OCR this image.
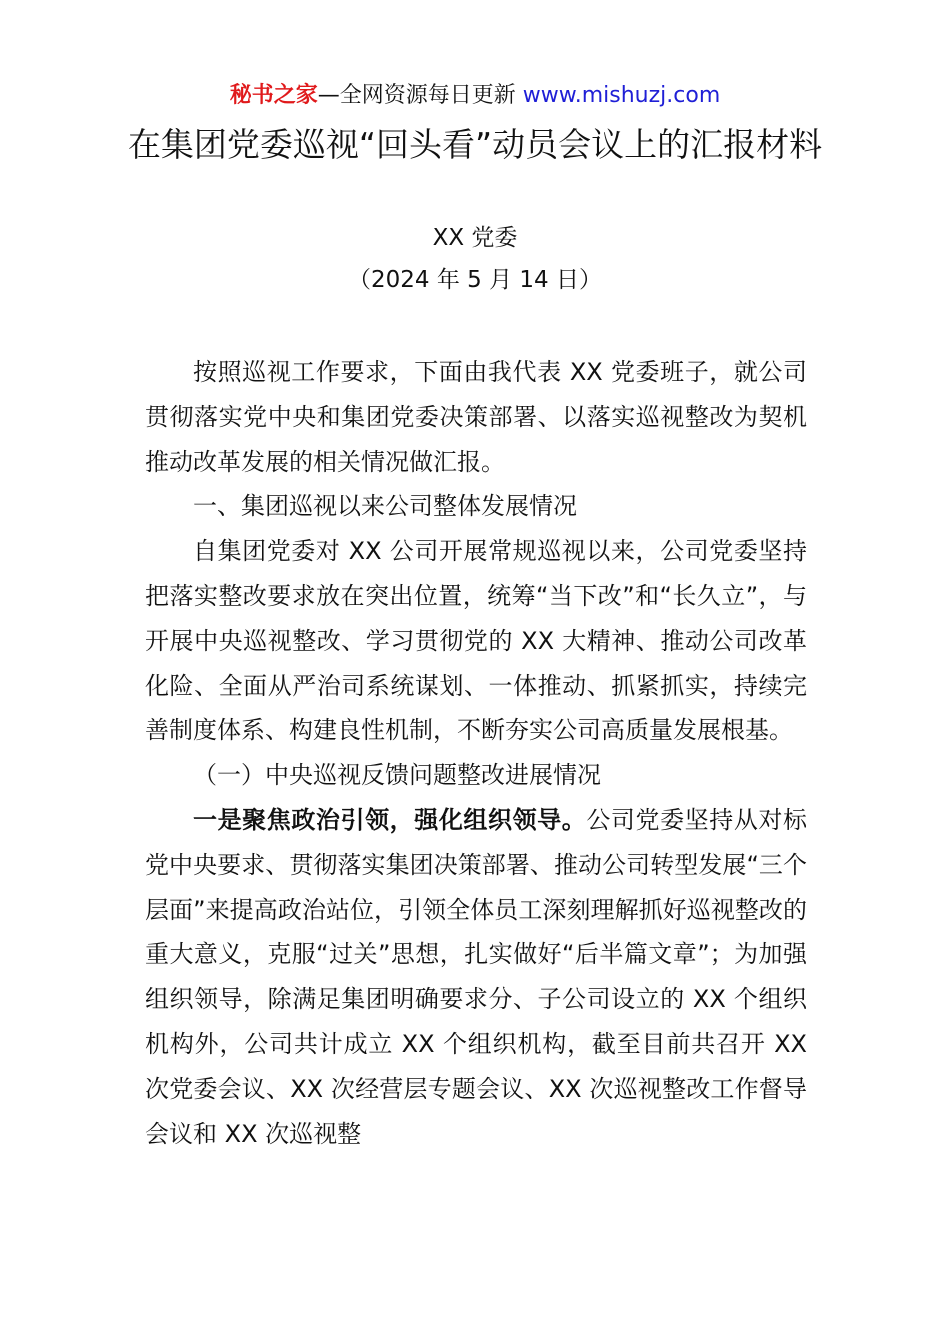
秘书之家—全网资源每日更新 www.mishuzj.com
在集团党委巡视“回头看”动员会议上的汇报材料
XX 党委
（2024 年 5 月 14 日）

按照巡视工作要求，下面由我代表 XX 党委班子，就公司贯彻落实党中央和集团党委决策部署、以落实巡视整改为契机推动改革发展的相关情况做汇报。

一、集团巡视以来公司整体发展情况

自集团党委对 XX 公司开展常规巡视以来，公司党委坚持把落实整改要求放在突出位置，统筹“当下改”和“长久立”，与开展中央巡视整改、学习贯彻党的 XX 大精神、推动公司改革化险、全面从严治司系统谋划、一体推动、抓紧抓实，持续完善制度体系、构建良性机制，不断夯实公司高质量发展根基。

（一）中央巡视反馈问题整改进展情况

一是聚焦政治引领，强化组织领导。公司党委坚持从对标党中央要求、贯彻落实集团决策部署、推动公司转型发展“三个层面”来提高政治站位，引领全体员工深刻理解抓好巡视整改的重大意义，克服“过关”思想，扎实做好“后半篇文章”；为加强组织领导，除满足集团明确要求分、子公司设立的 XX 个组织机构外，公司共计成立 XX 个组织机构，截至目前共召开 XX 次党委会议、XX 次经营层专题会议、XX 次巡视整改工作督导会议和 XX 次巡视整
